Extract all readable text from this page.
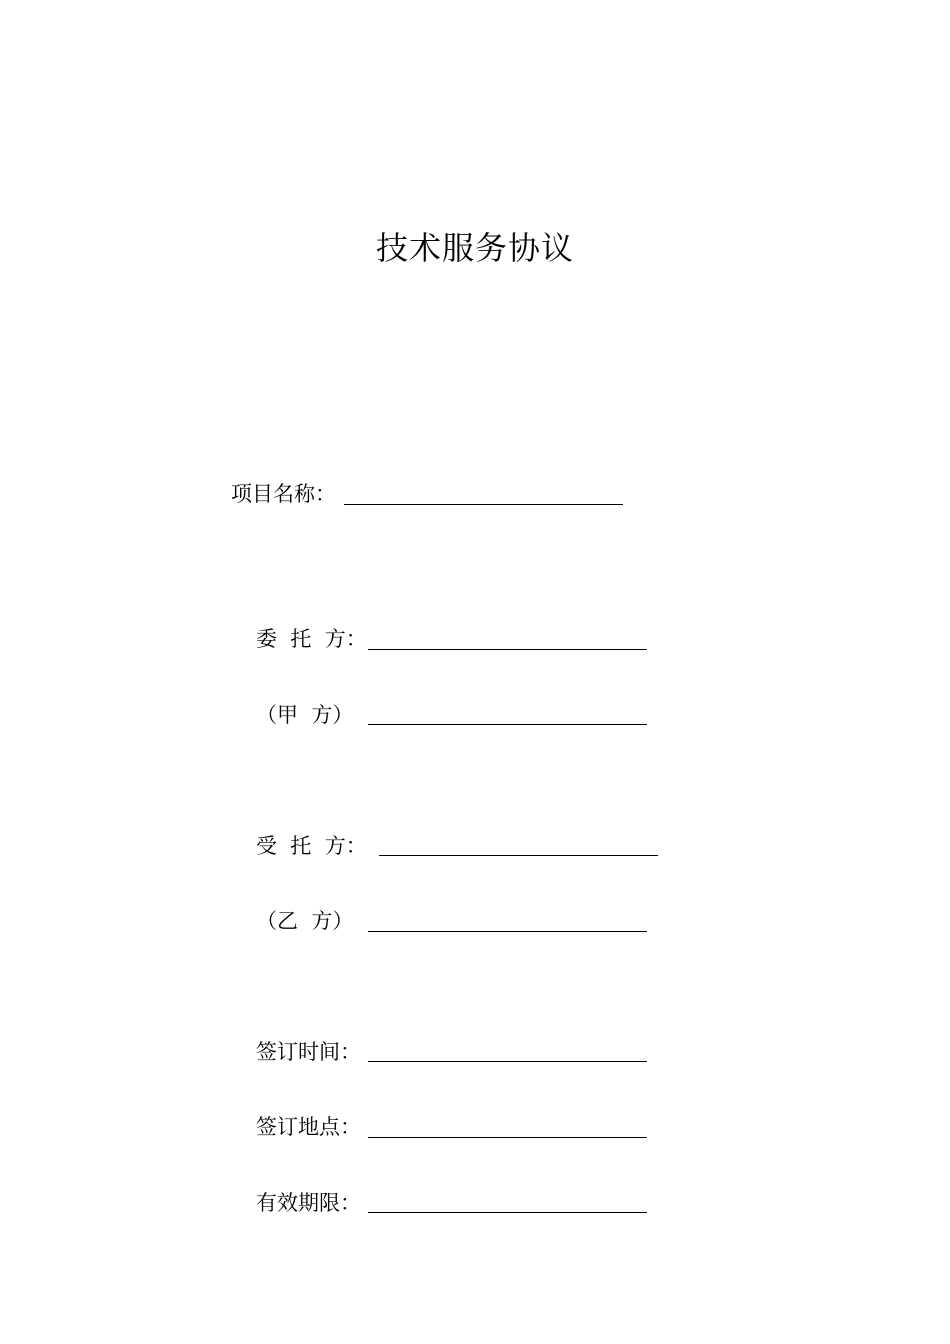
技术服务协议
项目名称：
委  托  方：
（甲  方）
受  托  方：
（乙  方）
签订时间：
签订地点：
有效期限：
